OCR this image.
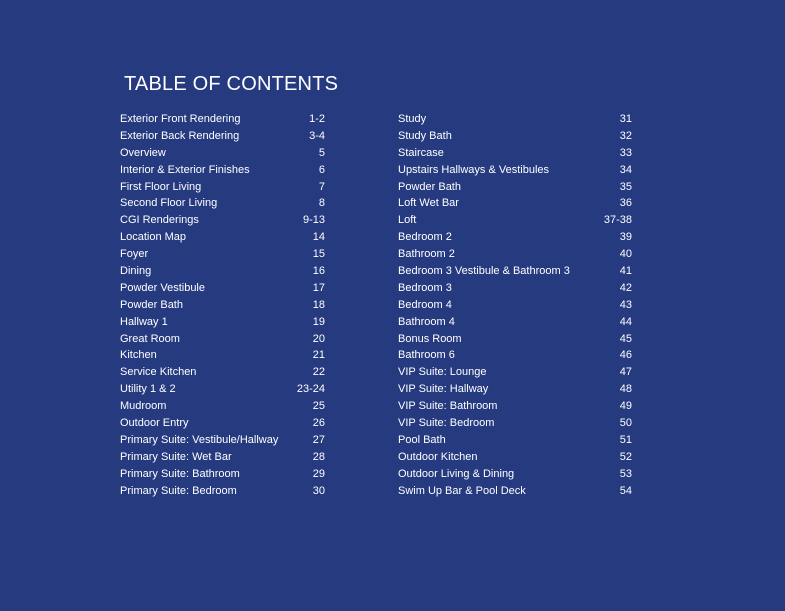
TABLE OF CONTENTS
Exterior Front Rendering	1-2
Exterior Back Rendering	3-4
Overview	5
Interior & Exterior Finishes	6
First Floor Living	7
Second Floor Living	8
CGI Renderings	9-13
Location Map	14
Foyer	15
Dining	16
Powder Vestibule	17
Powder Bath	18
Hallway 1	19
Great Room	20
Kitchen	21
Service Kitchen	22
Utility 1 & 2	23-24
Mudroom	25
Outdoor Entry	26
Primary Suite: Vestibule/Hallway	27
Primary Suite: Wet Bar	28
Primary Suite: Bathroom	29
Primary Suite: Bedroom	30
Study	31
Study Bath	32
Staircase	33
Upstairs Hallways & Vestibules	34
Powder Bath	35
Loft Wet Bar	36
Loft	37-38
Bedroom 2	39
Bathroom 2	40
Bedroom 3 Vestibule & Bathroom 3	41
Bedroom 3	42
Bedroom 4	43
Bathroom 4	44
Bonus Room	45
Bathroom 6	46
VIP Suite: Lounge	47
VIP Suite: Hallway	48
VIP Suite: Bathroom	49
VIP Suite: Bedroom	50
Pool Bath	51
Outdoor Kitchen	52
Outdoor Living & Dining	53
Swim Up Bar & Pool Deck	54
